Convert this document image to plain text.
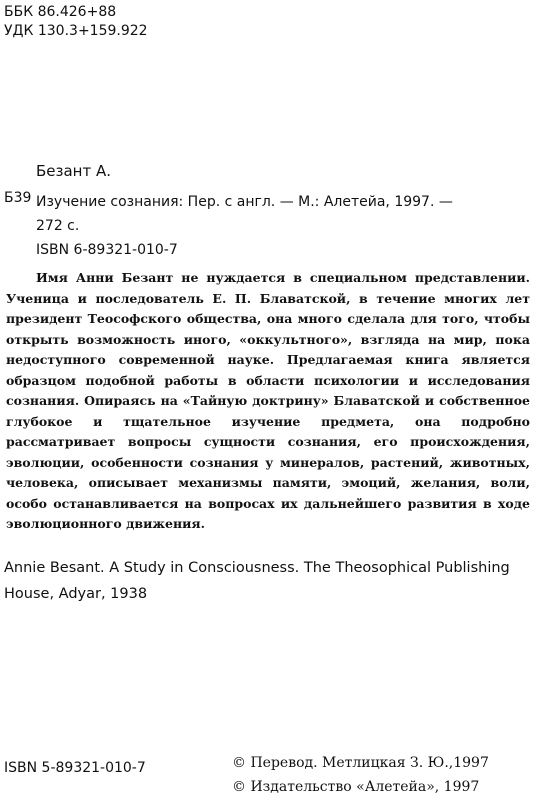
ББК 86.426+88
УДК 130.3+159.922
Безант А.
Б39 Изучение сознания: Пер. с англ. — М.: Алетейа, 1997. —
272 с.
ISBN 6-89321-010-7

Имя Анни Безант не нуждается в специальном представлении. Ученица и последователь Е. П. Блаватской, в течение многих лет президент Теософского общества, она много сделала для того, чтобы открыть возможность иного, «оккультного», взгляда на мир, пока недоступного современной науке. Предлагаемая книга является образцом подобной работы в области психологии и исследования сознания. Опираясь на «Тайную доктрину» Блаватской и собственное глубокое и тщательное изучение предмета, она подробно рассматривает вопросы сущности сознания, его происхождения, эволюции, особенности сознания у минералов, растений, животных, человека, описывает механизмы памяти, эмоций, желания, воли, особо останавливается на вопросах их дальнейшего развития в ходе эволюционного движения.

Annie Besant. A Study in Consciousness. The Theosophical Publishing House, Adyar, 1938
ISBN 5-89321-010-7	© Перевод. Метлицкая З. Ю.,1997
© Издательство «Алетейа», 1997
